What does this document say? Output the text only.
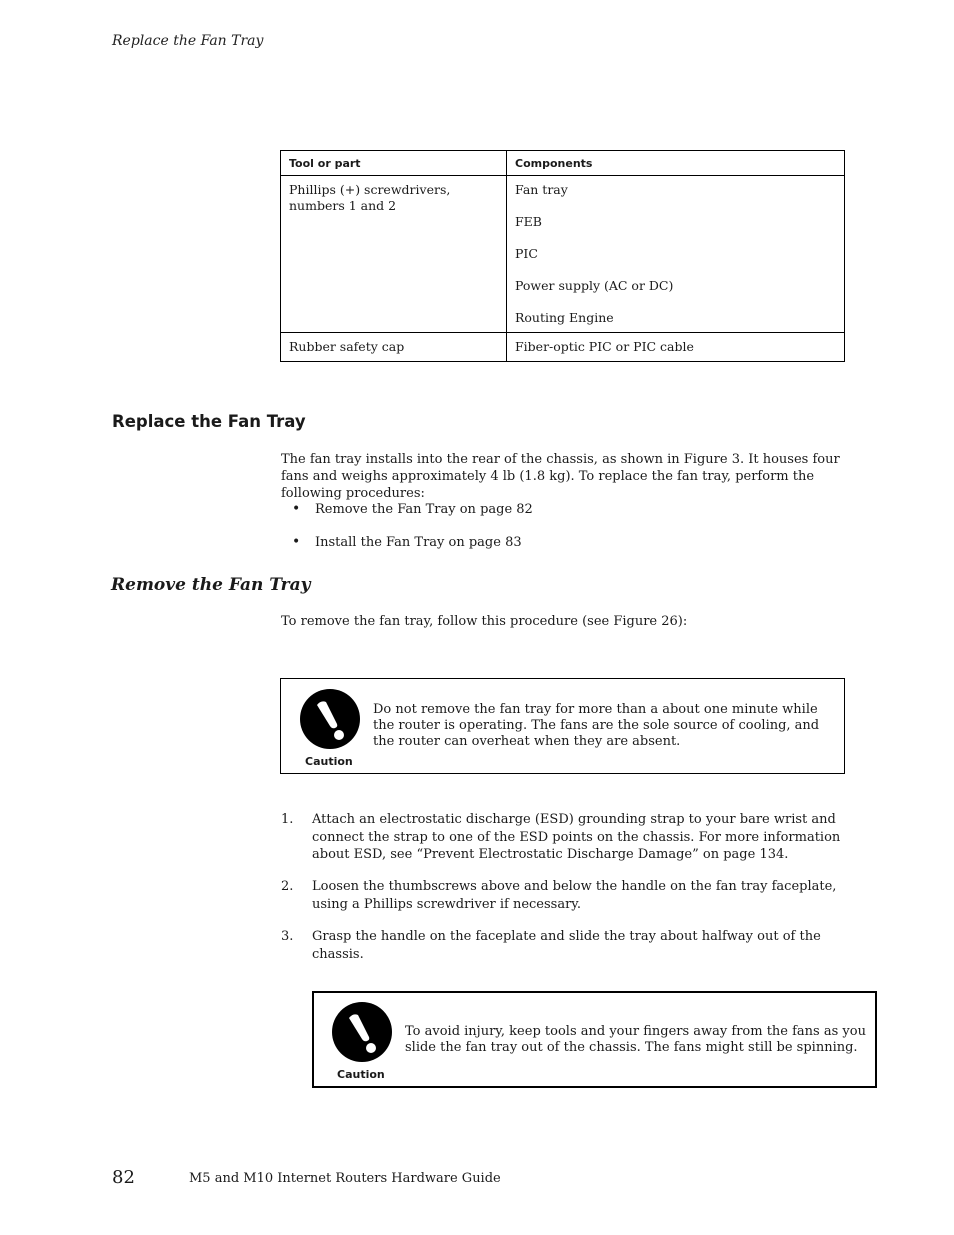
Replace the Fan Tray
Tool or part	Components
Phillips (+) screwdrivers, numbers 1 and 2	Fan tray
FEB
PIC
Power supply (AC or DC)
Routing Engine

Rubber safety cap	Fiber-optic PIC or PIC cable
Replace the Fan Tray
The fan tray installs into the rear of the chassis, as shown in Figure 3. It houses four fans and weighs approximately 4 lb (1.8 kg). To replace the fan tray, perform the following procedures:
• Remove the Fan Tray on page 82
• Install the Fan Tray on page 83
Remove the Fan Tray
To remove the fan tray, follow this procedure (see Figure 26):
Caution
Do not remove the fan tray for more than a about one minute while the router is operating. The fans are the sole source of cooling, and the router can overheat when they are absent.
1.	Attach an electrostatic discharge (ESD) grounding strap to your bare wrist and connect the strap to one of the ESD points on the chassis. For more information about ESD, see “Prevent Electrostatic Discharge Damage” on page 134.
2.	Loosen the thumbscrews above and below the handle on the fan tray faceplate, using a Phillips screwdriver if necessary.
3.	Grasp the handle on the faceplate and slide the tray about halfway out of the chassis.
Caution
To avoid injury, keep tools and your fingers away from the fans as you slide the fan tray out of the chassis. The fans might still be spinning.
82	M5 and M10 Internet Routers Hardware Guide
